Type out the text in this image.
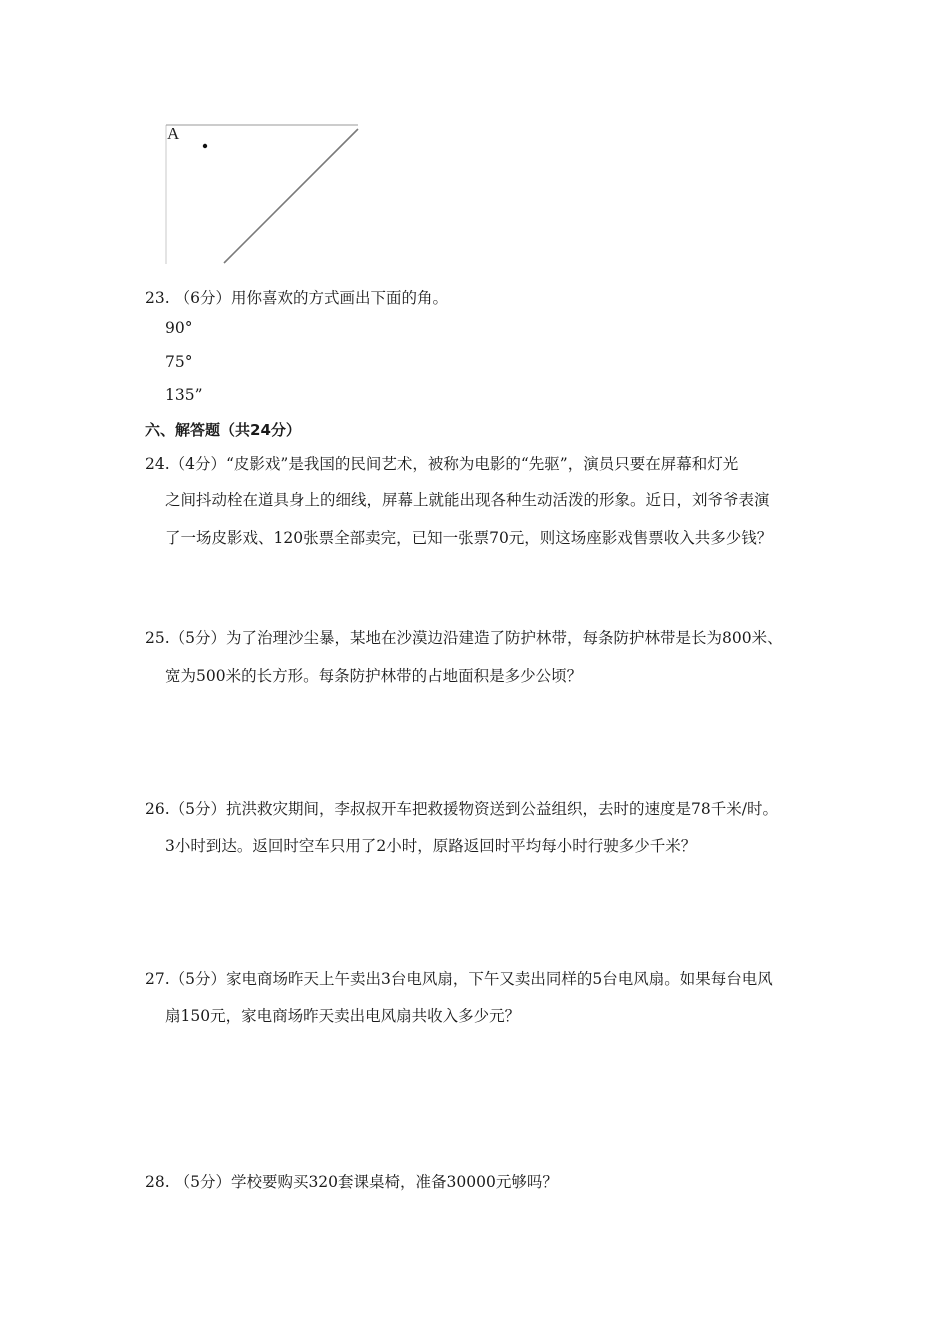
A
23. （6分）用你喜欢的方式画出下面的角。
90°
75°
135”
六、解答题（共24分）
24.（4分）“皮影戏”是我国的民间艺术，被称为电影的“先驱”，演员只要在屏幕和灯光
之间抖动栓在道具身上的细线，屏幕上就能出现各种生动活泼的形象。近日，刘爷爷表演
了一场皮影戏、120张票全部卖完，已知一张票70元，则这场座影戏售票收入共多少钱？
25.（5分）为了治理沙尘暴，某地在沙漠边沿建造了防护林带，每条防护林带是长为800米、
宽为500米的长方形。每条防护林带的占地面积是多少公顷？
26.（5分）抗洪救灾期间，李叔叔开车把救援物资送到公益组织，去时的速度是78千米/时。
3小时到达。返回时空车只用了2小时，原路返回时平均每小时行驶多少千米？
27.（5分）家电商场昨天上午卖出3台电风扇，下午又卖出同样的5台电风扇。如果每台电风
扇150元，家电商场昨天卖出电风扇共收入多少元？
28. （5分）学校要购买320套课桌椅，准备30000元够吗？
